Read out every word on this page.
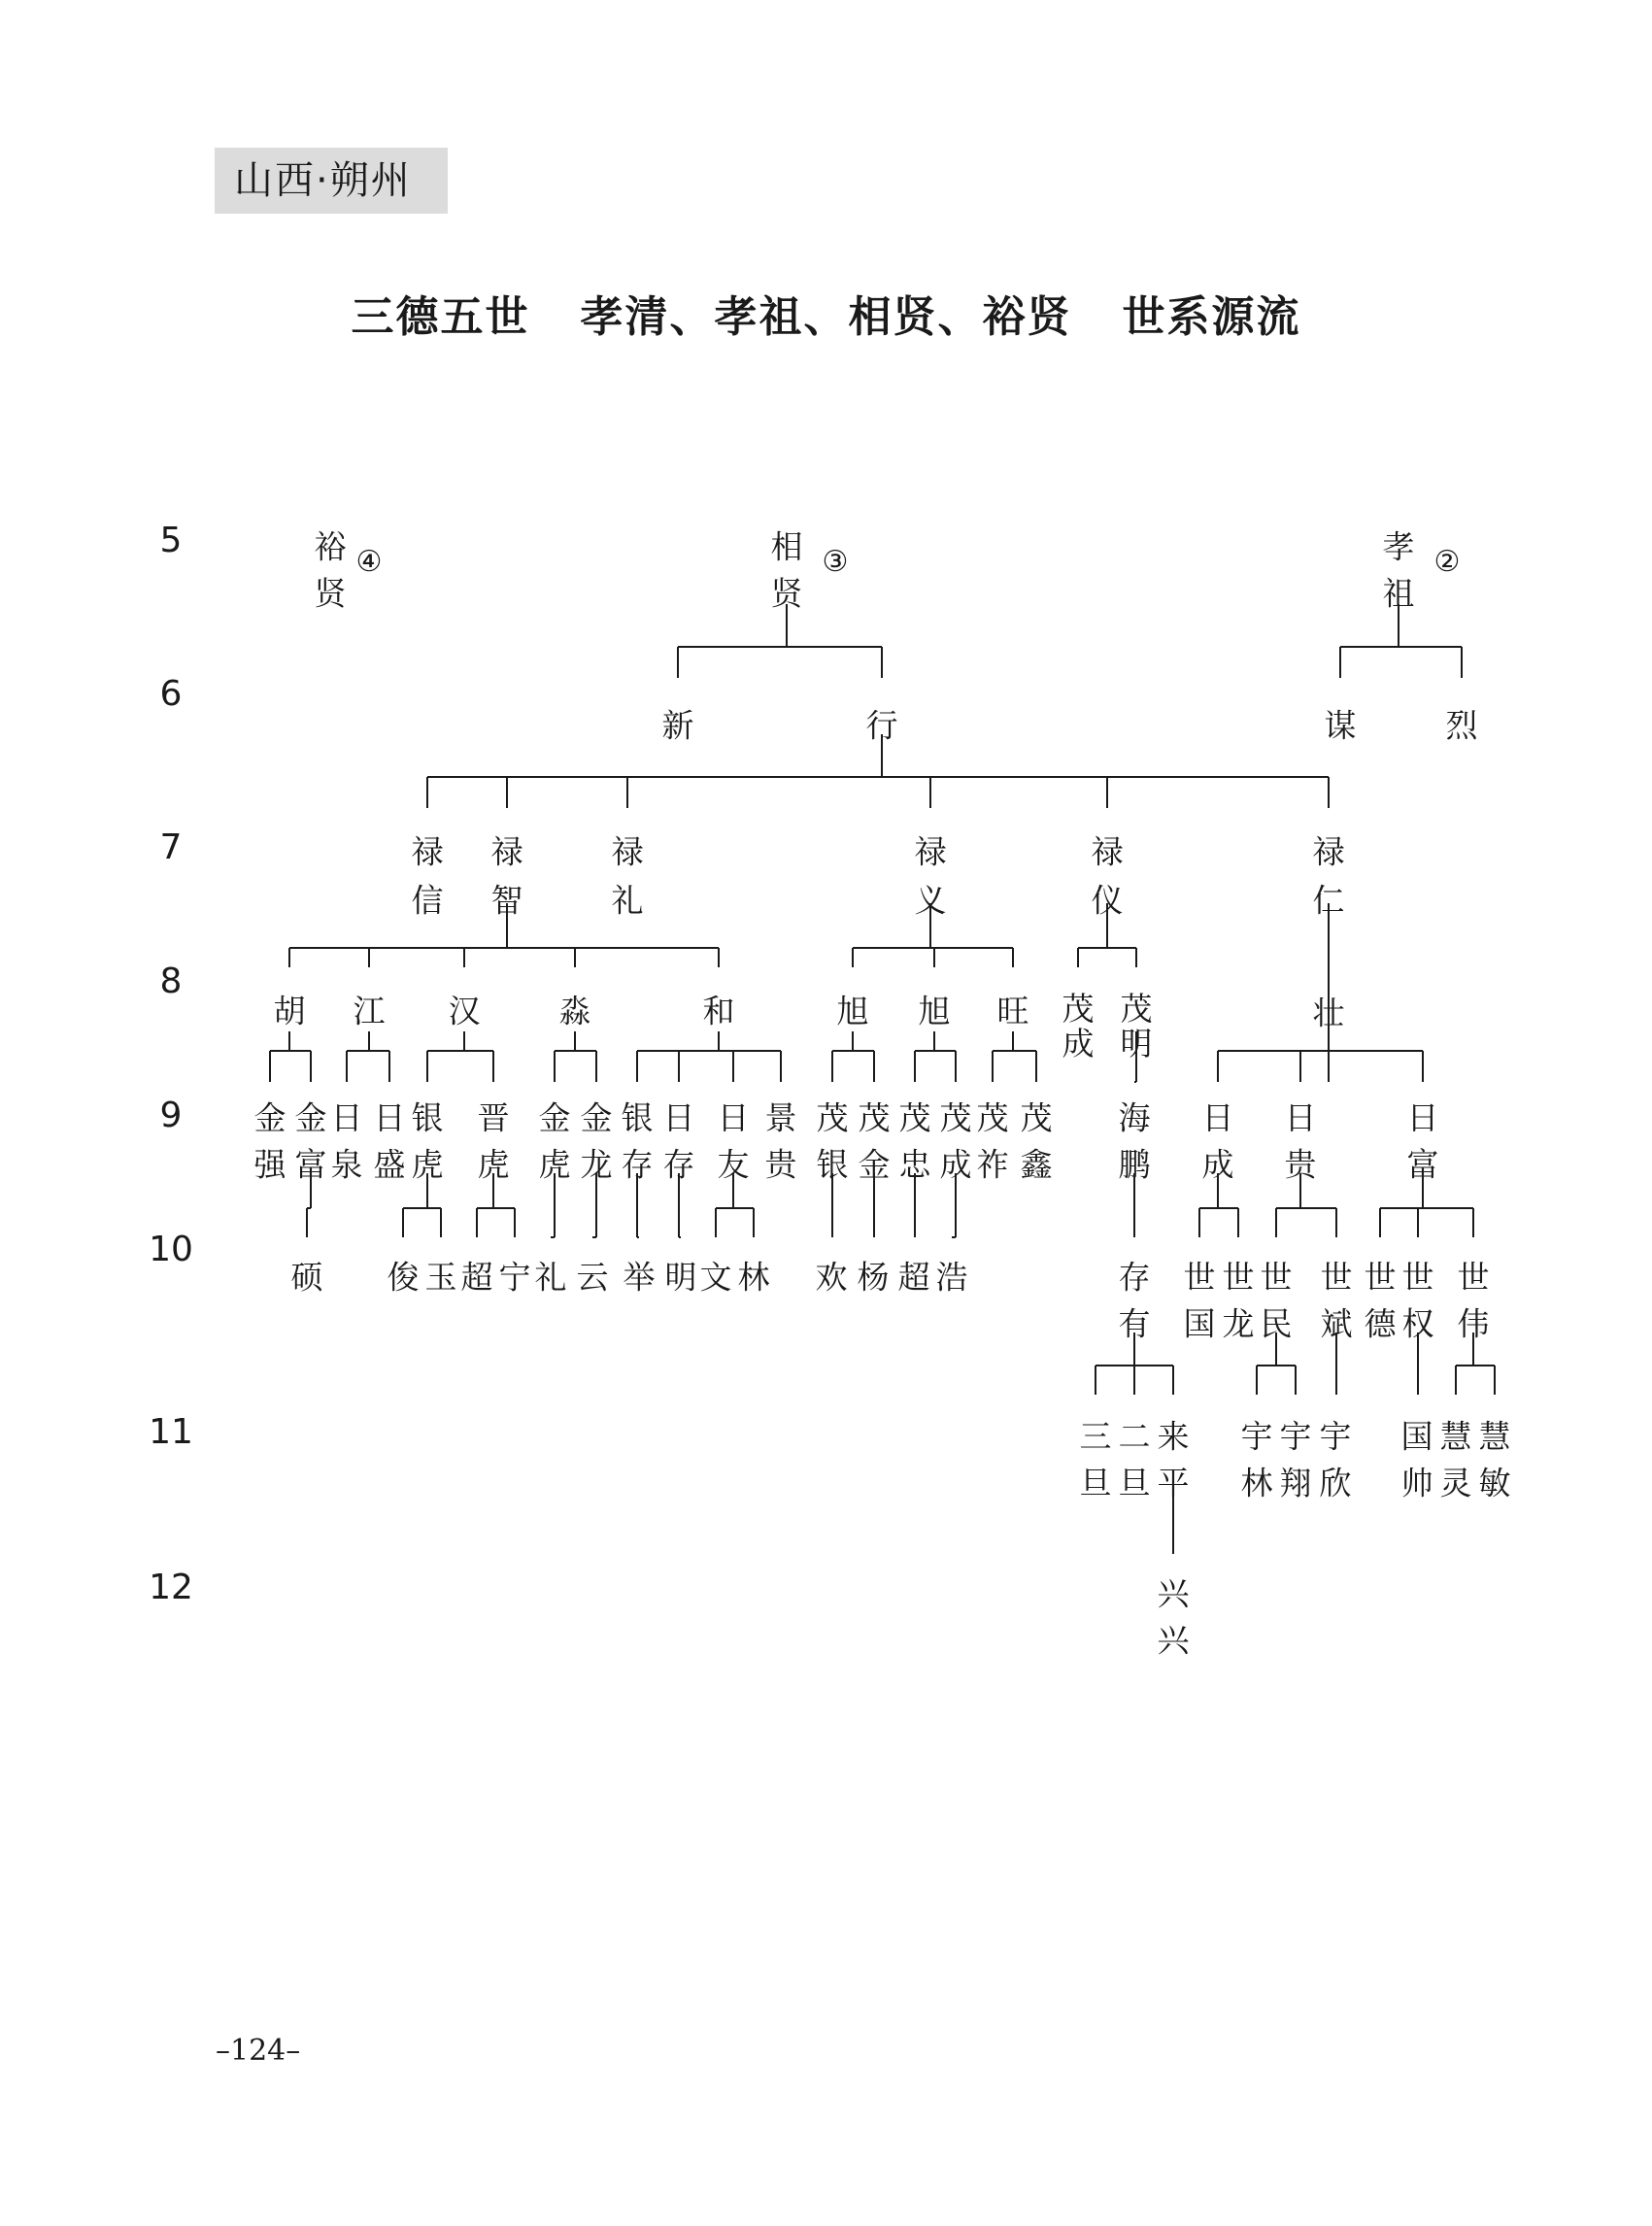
山西·朔州
三德五世 孝清、孝祖、相贤、裕贤 世系源流
5
6
7
8
9
10
11
12
裕
贤
相
贤
孝
祖
新	行	谋	烈
禄
信
禄
智
禄
礼
禄
义
禄
仪
禄
仁
胡 江 汉 淼	和	旭 旭 旺 茂
成
茂
明
壮
金
强
金
富
日
泉
日
盛
银
虎
晋
虎
金
虎
金
龙
银
存
日
存
日
友
景
贵
茂
银
茂
金
茂
忠
茂
成
茂
祚
茂
鑫
海
鹏
日
成
日
贵
日
富
硕 俊 玉 超 宁 礼 云 举 明 文 林 欢 杨 超 浩	存
有
世
国
世
龙
世
民
世
斌
世
德
世
权
世
伟
三
旦
二
旦
来
平
宇
林
宇
翔
宇
欣
国
帅
慧
灵
慧
敏
兴
兴
④	③	②
–124–
